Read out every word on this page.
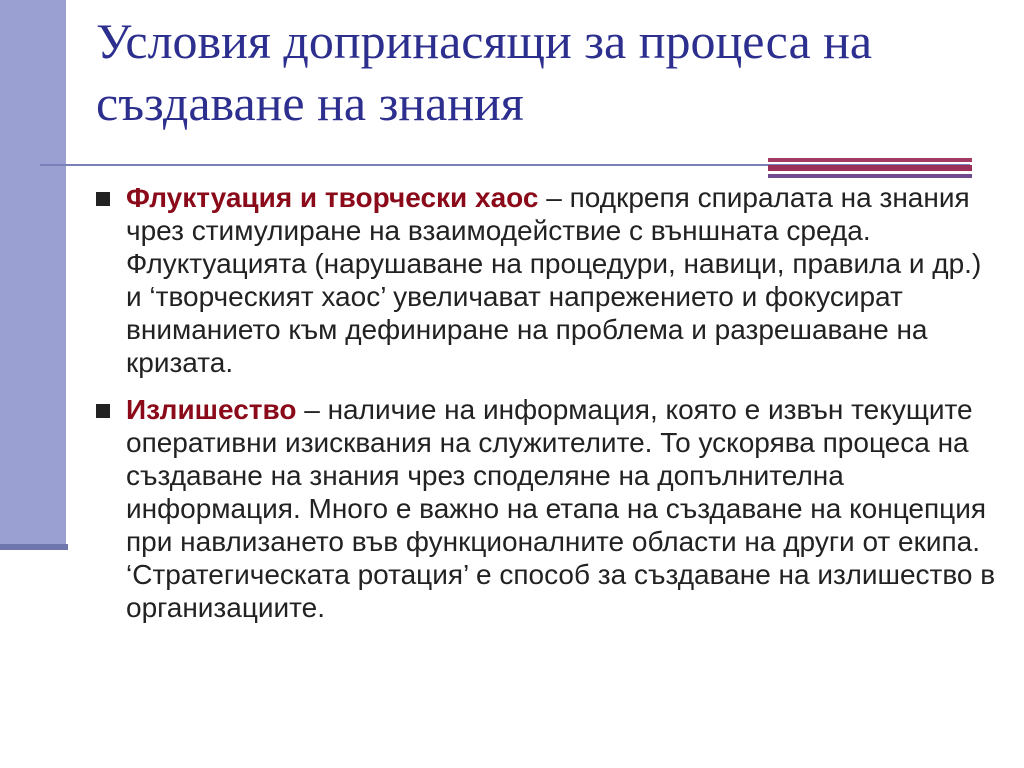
Условия допринасящи за процеса на създаване на знания
Флуктуация и творчески хаос – подкрепя спиралата на знания чрез стимулиране на взаимодействие с външната среда. Флуктуацията (нарушаване на процедури, навици, правила и др.) и ‘творческият хаос’ увеличават напрежението и фокусират вниманието към дефиниране на проблема и разрешаване на кризата.
Излишество – наличие на информация, която е извън текущите оперативни изисквания на служителите. То ускорява процеса на създаване на знания чрез споделяне на допълнителна информация. Много е важно на етапа на създаване на концепция при навлизането във функционалните области на други от екипа. ‘Стратегическата ротация’ е способ за създаване на излишество в организациите.
